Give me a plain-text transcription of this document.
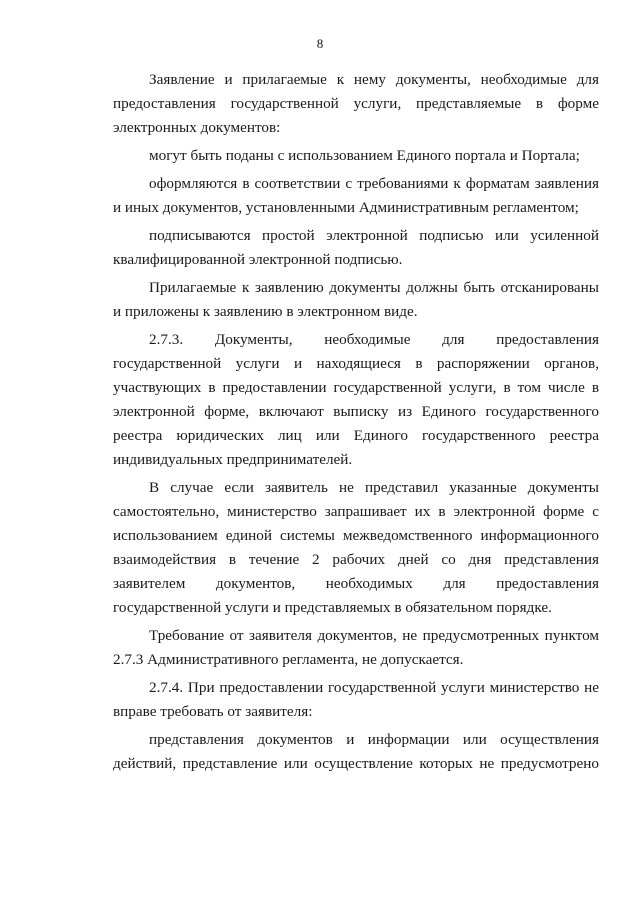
8

Заявление и прилагаемые к нему документы, необходимые для предоставления государственной услуги, представляемые в форме электронных документов:

могут быть поданы с использованием Единого портала и Портала;

оформляются в соответствии с требованиями к форматам заявления и иных документов, установленными Административным регламентом;

подписываются простой электронной подписью или усиленной квалифицированной электронной подписью.

Прилагаемые к заявлению документы должны быть отсканированы и приложены к заявлению в электронном виде.

2.7.3. Документы, необходимые для предоставления государственной услуги и находящиеся в распоряжении органов, участвующих в предоставлении государственной услуги, в том числе в электронной форме, включают выписку из Единого государственного реестра юридических лиц или Единого государственного реестра индивидуальных предпринимателей.

В случае если заявитель не представил указанные документы самостоятельно, министерство запрашивает их в электронной форме с использованием единой системы межведомственного информационного взаимодействия в течение 2 рабочих дней со дня представления заявителем документов, необходимых для предоставления государственной услуги и представляемых в обязательном порядке.

Требование от заявителя документов, не предусмотренных пунктом 2.7.3 Административного регламента, не допускается.

2.7.4. При предоставлении государственной услуги министерство не вправе требовать от заявителя:

представления документов и информации или осуществления действий, представление или осуществление которых не предусмотрено
